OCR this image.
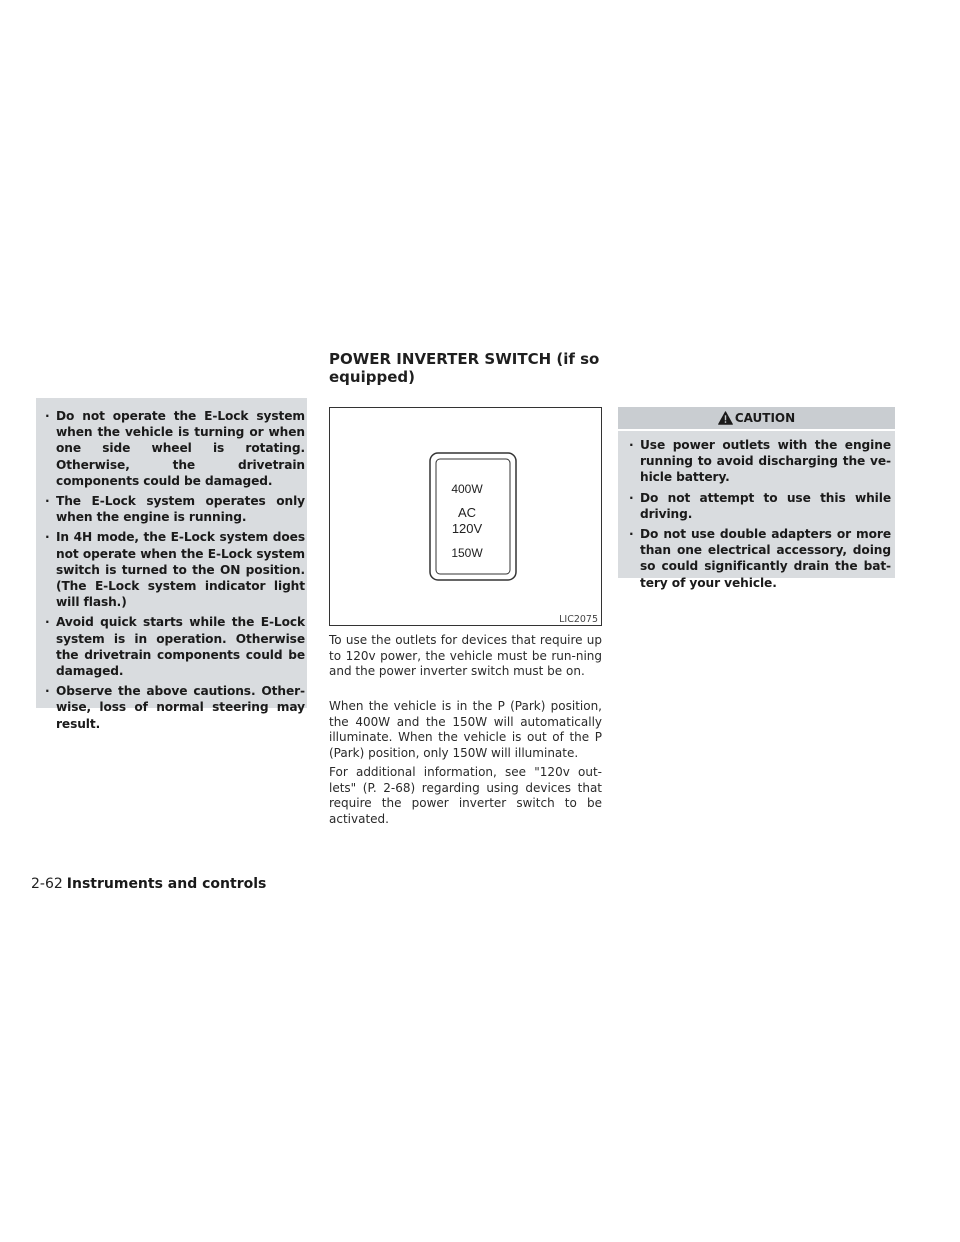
· Do not operate the E-Lock system when the vehicle is turning or when one side wheel is rotating. Otherwise, the drivetrain components could be damaged.
· The E-Lock system operates only when the engine is running.
· In 4H mode, the E-Lock system does not operate when the E-Lock system switch is turned to the ON position. (The E-Lock system indicator light will flash.)
· Avoid quick starts while the E-Lock system is in operation. Otherwise the drivetrain components could be damaged.
· Observe the above cautions. Other-wise, loss of normal steering may result.
POWER INVERTER SWITCH (if so equipped)
400W
AC
120V
150W
LIC2075

To use the outlets for devices that require up to 120v power, the vehicle must be run-ning and the power inverter switch must be on.

When the vehicle is in the P (Park) position, the 400W and the 150W will automatically illuminate. When the vehicle is out of the P (Park) position, only 150W will illuminate.

For additional information, see "120v out-lets" (P. 2-68) regarding using devices that require the power inverter switch to be activated.

CAUTION
· Use power outlets with the engine running to avoid discharging the ve-hicle battery.
· Do not attempt to use this while driving.
· Do not use double adapters or more than one electrical accessory, doing so could significantly drain the bat-tery of your vehicle.
2-62 Instruments and controls
